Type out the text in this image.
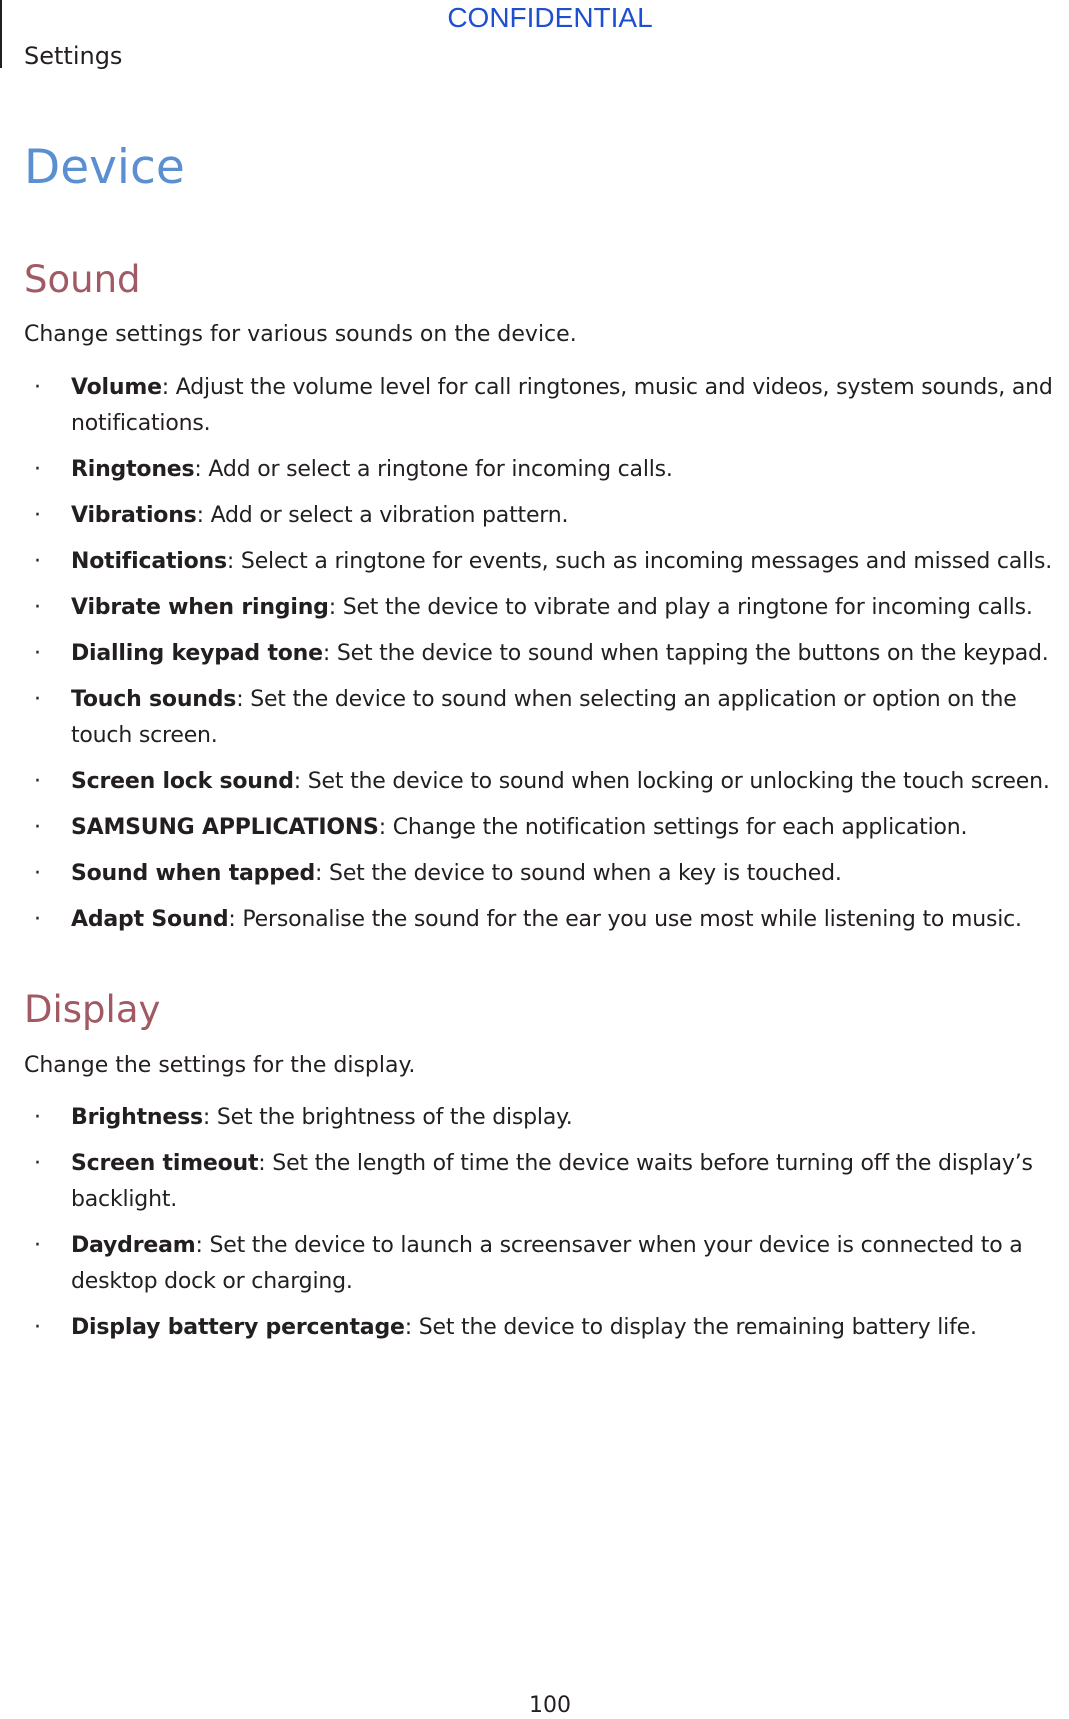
CONFIDENTIAL
Settings
Device
Sound
Change settings for various sounds on the device.
· Volume: Adjust the volume level for call ringtones, music and videos, system sounds, and notifications.
· Ringtones: Add or select a ringtone for incoming calls.
· Vibrations: Add or select a vibration pattern.
· Notifications: Select a ringtone for events, such as incoming messages and missed calls.
· Vibrate when ringing: Set the device to vibrate and play a ringtone for incoming calls.
· Dialling keypad tone: Set the device to sound when tapping the buttons on the keypad.
· Touch sounds: Set the device to sound when selecting an application or option on the touch screen.
· Screen lock sound: Set the device to sound when locking or unlocking the touch screen.
· SAMSUNG APPLICATIONS: Change the notification settings for each application.
· Sound when tapped: Set the device to sound when a key is touched.
· Adapt Sound: Personalise the sound for the ear you use most while listening to music.
Display
Change the settings for the display.
· Brightness: Set the brightness of the display.
· Screen timeout: Set the length of time the device waits before turning off the display’s backlight.
· Daydream: Set the device to launch a screensaver when your device is connected to a desktop dock or charging.
· Display battery percentage: Set the device to display the remaining battery life.
100
